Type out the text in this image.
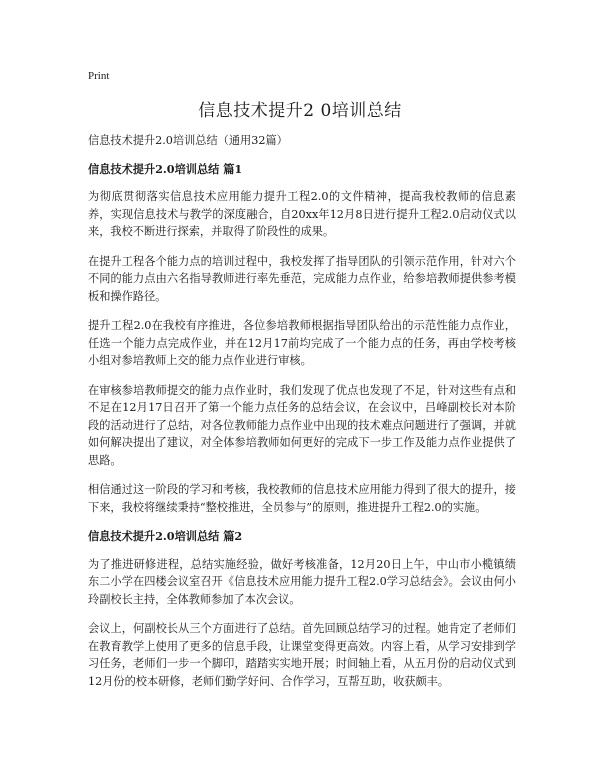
Print
信息技术提升2 0培训总结

信息技术提升2.0培训总结（通用32篇）

信息技术提升2.0培训总结 篇1

为彻底贯彻落实信息技术应用能力提升工程2.0的文件精神，提高我校教师的信息素养，实现信息技术与教学的深度融合，自20xx年12月8日进行提升工程2.0启动仪式以来，我校不断进行探索，并取得了阶段性的成果。

在提升工程各个能力点的培训过程中，我校发挥了指导团队的引领示范作用，针对六个不同的能力点由六名指导教师进行率先垂范，完成能力点作业，给参培教师提供参考模板和操作路径。

提升工程2.0在我校有序推进，各位参培教师根据指导团队给出的示范性能力点作业，任选一个能力点完成作业，并在12月17前均完成了一个能力点的任务，再由学校考核小组对参培教师上交的能力点作业进行审核。

在审核参培教师提交的能力点作业时，我们发现了优点也发现了不足，针对这些有点和不足在12月17日召开了第一个能力点任务的总结会议，在会议中，吕峰副校长对本阶段的活动进行了总结，对各位教师能力点作业中出现的技术难点问题进行了强调，并就如何解决提出了建议，对全体参培教师如何更好的完成下一步工作及能力点作业提供了思路。

相信通过这一阶段的学习和考核，我校教师的信息技术应用能力得到了很大的提升，接下来，我校将继续秉持“整校推进，全员参与”的原则，推进提升工程2.0的实施。

信息技术提升2.0培训总结 篇2

为了推进研修进程，总结实施经验，做好考核准备，12月20日上午，中山市小榄镇绩东二小学在四楼会议室召开《信息技术应用能力提升工程2.0学习总结会》。会议由何小玲副校长主持，全体教师参加了本次会议。

会议上，何副校长从三个方面进行了总结。首先回顾总结学习的过程。她肯定了老师们在教育教学上使用了更多的信息手段，让课堂变得更高效。内容上看，从学习安排到学习任务，老师们一步一个脚印，踏踏实实地开展；时间轴上看，从五月份的启动仪式到12月份的校本研修，老师们勤学好问、合作学习，互帮互助，收获颇丰。
